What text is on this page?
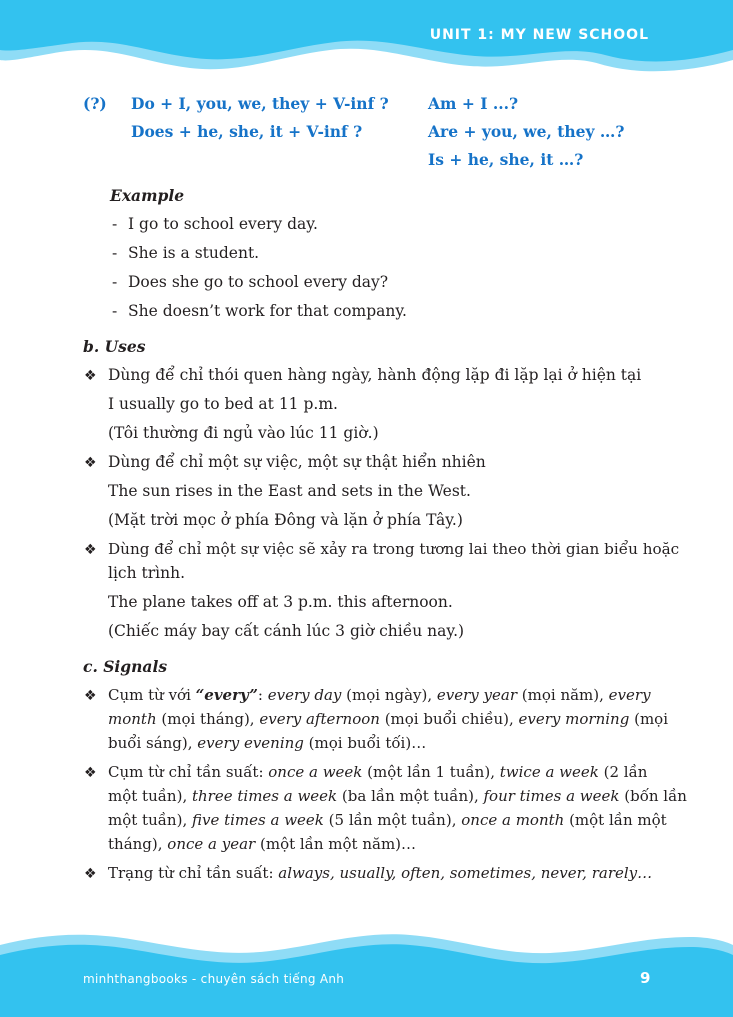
UNIT 1: MY NEW SCHOOL
minhthangbooks - chuyên sách tiếng Anh	9
(?) Do + I, you, we, they + V-inf ?
Does + he, she, it + V-inf ?
Am + I ...?
Are + you, we, they …?
Is + he, she, it …?
Example
- I go to school every day.
- She is a student.
- Does she go to school every day?
- She doesn’t work for that company.
b. Uses
❖ Dùng để chỉ thói quen hàng ngày, hành động lặp đi lặp lại ở hiện tại
I usually go to bed at 11 p.m.
(Tôi thường đi ngủ vào lúc 11 giờ.)
❖ Dùng để chỉ một sự việc, một sự thật hiển nhiên
The sun rises in the East and sets in the West.
(Mặt trời mọc ở phía Đông và lặn ở phía Tây.)
❖ Dùng để chỉ một sự việc sẽ xảy ra trong tương lai theo thời gian biểu hoặc
lịch trình.
The plane takes off at 3 p.m. this afternoon.
(Chiếc máy bay cất cánh lúc 3 giờ chiều nay.)
c. Signals
❖ Cụm từ với “every”: every day (mọi ngày), every year (mọi năm), every
month (mọi tháng), every afternoon (mọi buổi chiều), every morning (mọi
buổi sáng), every evening (mọi buổi tối)…
❖ Cụm từ chỉ tần suất: once a week (một lần 1 tuần), twice a week (2 lần
một tuần), three times a week (ba lần một tuần), four times a week (bốn lần
một tuần), five times a week (5 lần một tuần), once a month (một lần một
tháng), once a year (một lần một năm)…
❖ Trạng từ chỉ tần suất: always, usually, often, sometimes, never, rarely…
